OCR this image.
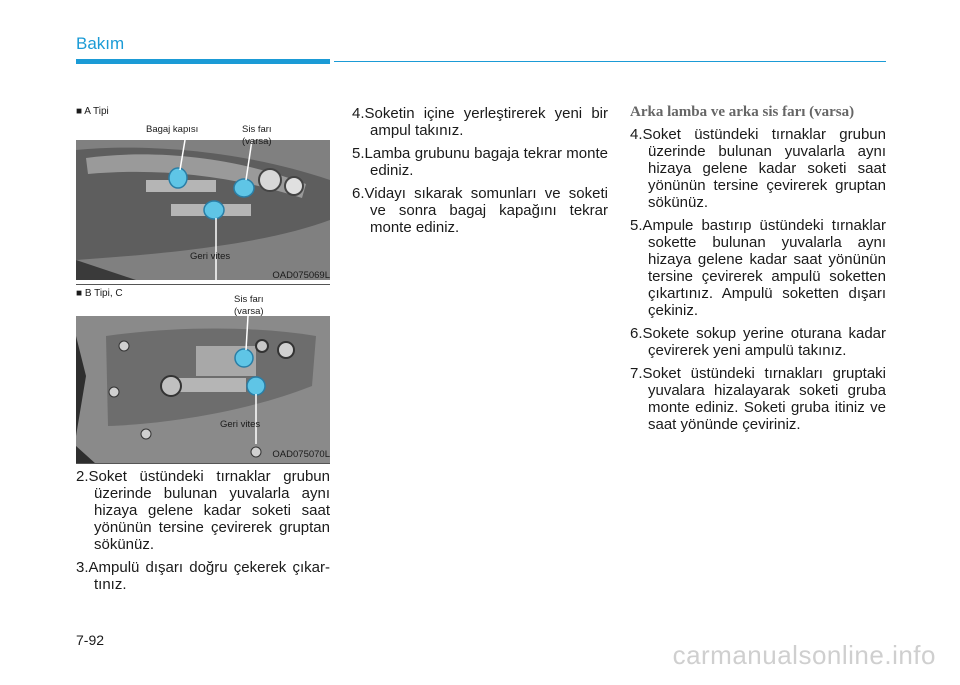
Bakım
■ A Tipi
Bagaj kapısı	Sis farı
(varsa)
Geri vites
OAD075069L
■ B Tipi, C
Sis farı
(varsa)
Geri vites
OAD075070L
2.Soket üstündeki tırnaklar grubun üzerinde bulunan yuvalarla aynı hizaya gelene kadar soketi saat yönünün tersine çevirerek gruptan sökünüz.
3.Ampulü dışarı doğru çekerek çıkar-tınız.
4.Soketin içine yerleştirerek yeni bir ampul takınız.
5.Lamba grubunu bagaja tekrar monte ediniz.
6.Vidayı sıkarak somunları ve soketi ve sonra bagaj kapağını tekrar monte ediniz.
Arka lamba ve arka sis farı (varsa)
4.Soket üstündeki tırnaklar grubun üzerinde bulunan yuvalarla aynı hizaya gelene kadar soketi saat yönünün tersine çevirerek gruptan sökünüz.
5.Ampule bastırıp üstündeki tırnaklar sokette bulunan yuvalarla aynı hizaya gelene kadar saat yönünün tersine çevirerek ampulü soketten çıkartınız. Ampulü soketten dışarı çekiniz.
6.Sokete sokup yerine oturana kadar çevirerek yeni ampulü takınız.
7.Soket üstündeki tırnakları gruptaki yuvalara hizalayarak soketi gruba monte ediniz. Soketi gruba itiniz ve saat yönünde çeviriniz.
7-92	carmanualsonline.info
